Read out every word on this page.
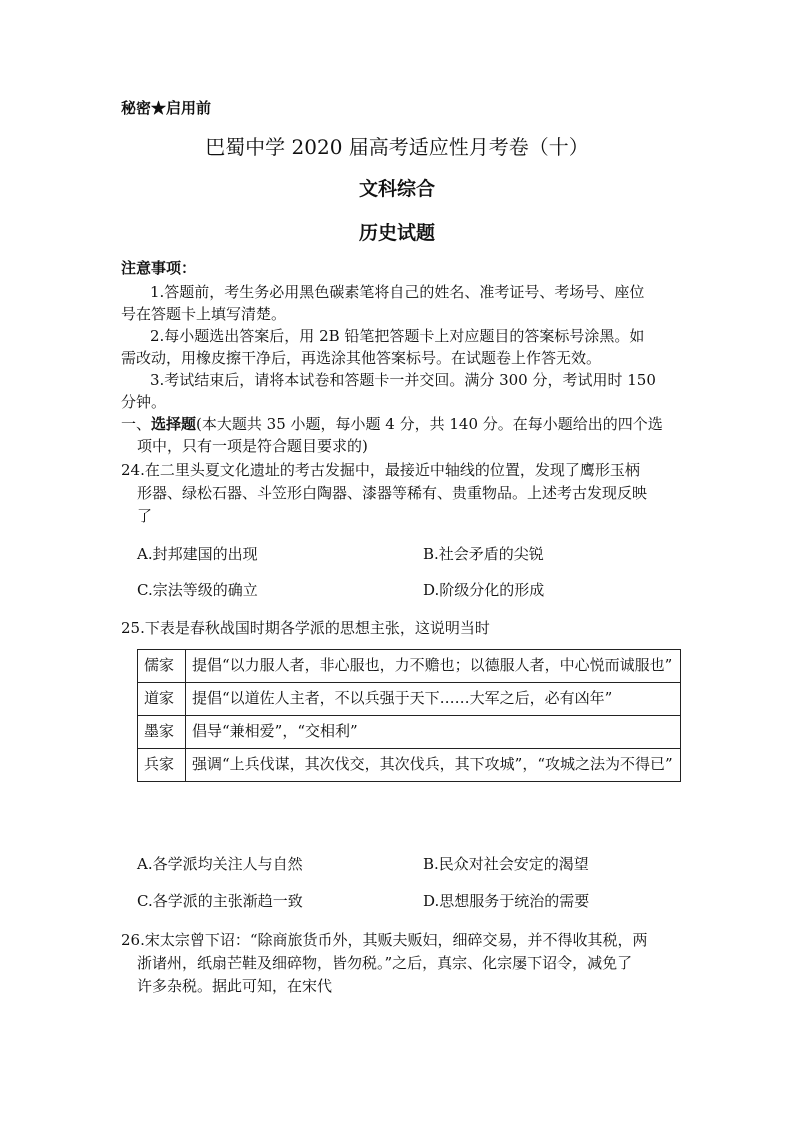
秘密★启用前
巴蜀中学 2020 届高考适应性月考卷（十）
文科综合
历史试题
注意事项：
1.答题前，考生务必用黑色碳素笔将自己的姓名、准考证号、考场号、座位
号在答题卡上填写清楚。
2.每小题选出答案后，用 2B 铅笔把答题卡上对应题目的答案标号涂黑。如
需改动，用橡皮擦干净后，再选涂其他答案标号。在试题卷上作答无效。
3.考试结束后，请将本试卷和答题卡一并交回。满分 300 分，考试用时 150
分钟。
一、选择题(本大题共 35 小题，每小题 4 分，共 140 分。在每小题给出的四个选
项中，只有一项是符合题目要求的)
24.在二里头夏文化遗址的考古发掘中，最接近中轴线的位置，发现了鹰形玉柄
形器、绿松石器、斗笠形白陶器、漆器等稀有、贵重物品。上述考古发现反映
了
A.封邦建国的出现	B.社会矛盾的尖锐
C.宗法等级的确立	D.阶级分化的形成
25.下表是春秋战国时期各学派的思想主张，这说明当时
儒家	提倡“以力服人者，非心服也，力不赡也；以德服人者，中心悦而诚服也”
道家	提倡“以道佐人主者，不以兵强于天下……大军之后，必有凶年”
墨家	倡导“兼相爱”，“交相利”
兵家	强调“上兵伐谋，其次伐交，其次伐兵，其下攻城”，“攻城之法为不得已”
A.各学派均关注人与自然	B.民众对社会安定的渴望
C.各学派的主张渐趋一致	D.思想服务于统治的需要
26.宋太宗曾下诏：“除商旅货币外，其贩夫贩妇，细碎交易，并不得收其税，两
浙诸州，纸扇芒鞋及细碎物，皆勿税。”之后，真宗、化宗屡下诏令，减免了
许多杂税。据此可知，在宋代
